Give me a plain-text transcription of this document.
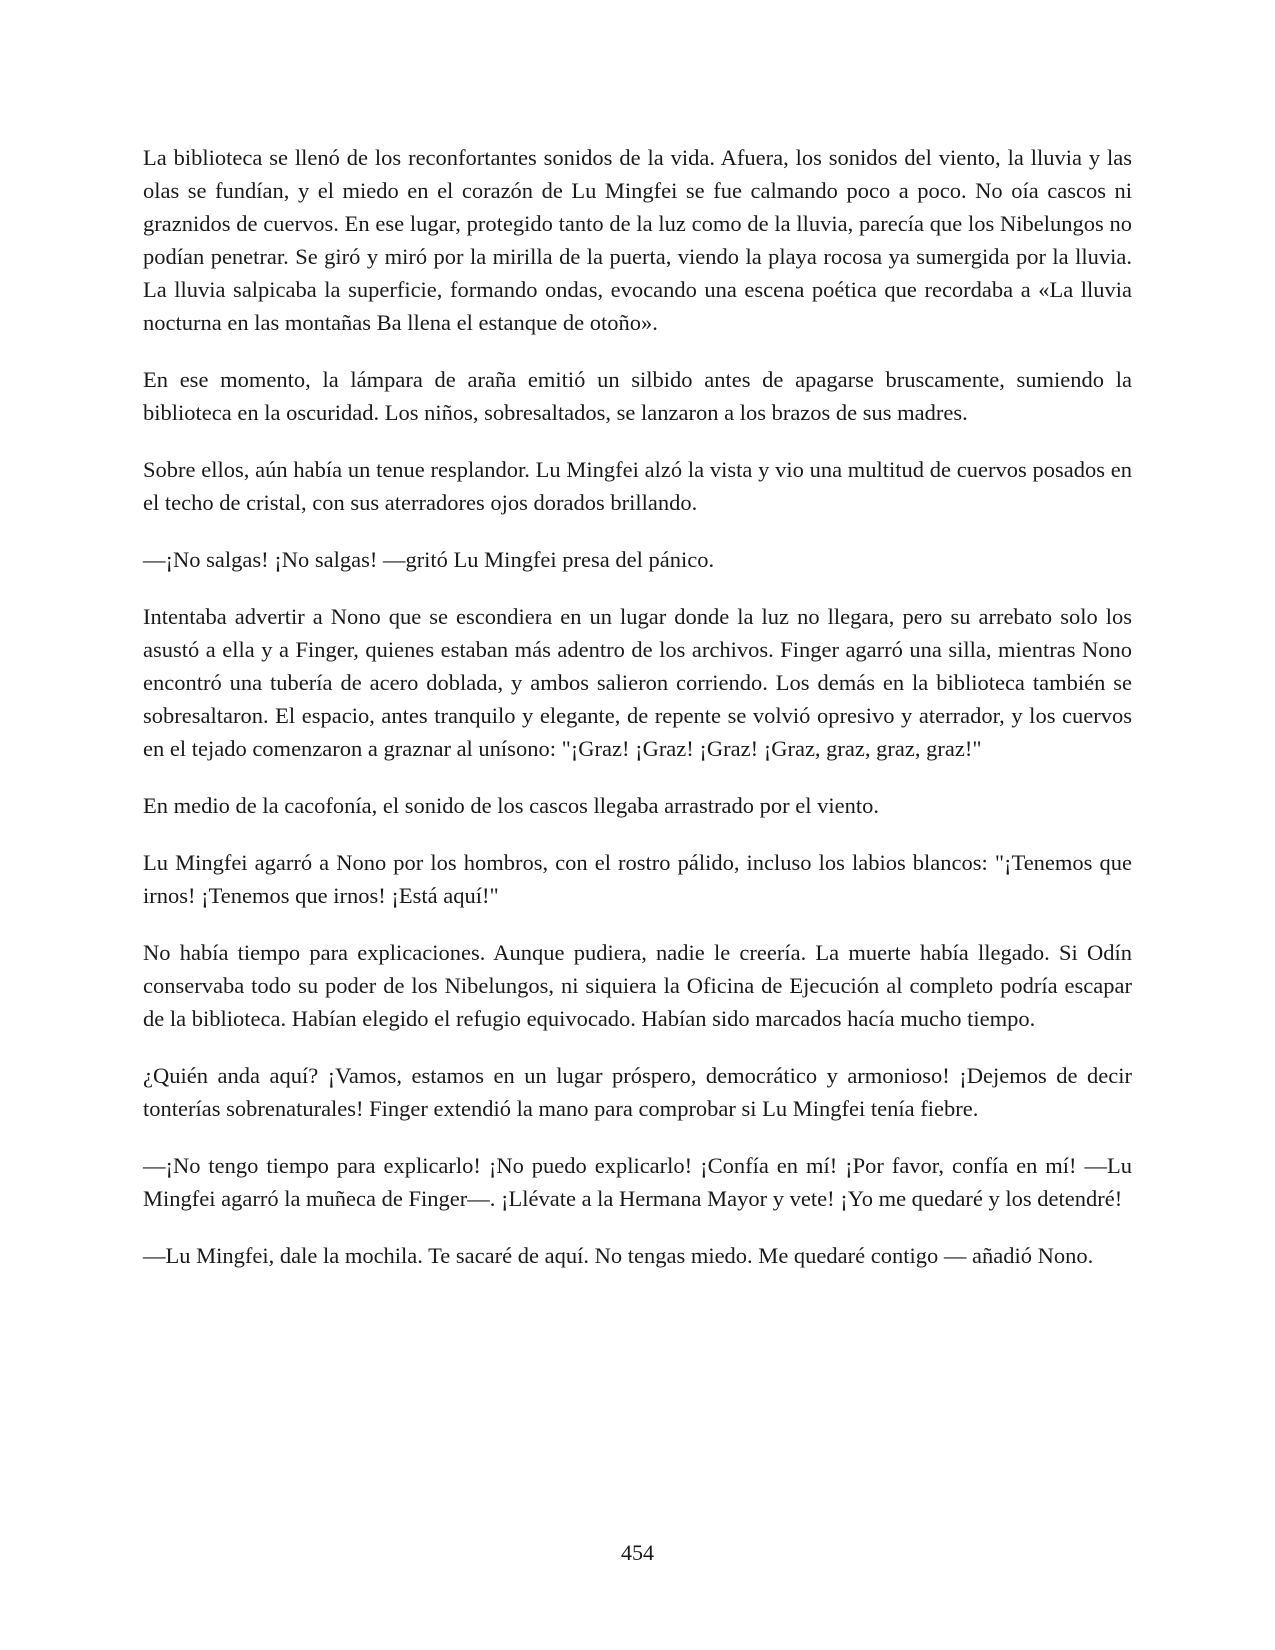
La biblioteca se llenó de los reconfortantes sonidos de la vida. Afuera, los sonidos del viento, la lluvia y las olas se fundían, y el miedo en el corazón de Lu Mingfei se fue calmando poco a poco. No oía cascos ni graznidos de cuervos. En ese lugar, protegido tanto de la luz como de la lluvia, parecía que los Nibelungos no podían penetrar. Se giró y miró por la mirilla de la puerta, viendo la playa rocosa ya sumergida por la lluvia. La lluvia salpicaba la superficie, formando ondas, evocando una escena poética que recordaba a «La lluvia nocturna en las montañas Ba llena el estanque de otoño».

En ese momento, la lámpara de araña emitió un silbido antes de apagarse bruscamente, sumiendo la biblioteca en la oscuridad. Los niños, sobresaltados, se lanzaron a los brazos de sus madres.

Sobre ellos, aún había un tenue resplandor. Lu Mingfei alzó la vista y vio una multitud de cuervos posados en el techo de cristal, con sus aterradores ojos dorados brillando.

—¡No salgas! ¡No salgas! —gritó Lu Mingfei presa del pánico.

Intentaba advertir a Nono que se escondiera en un lugar donde la luz no llegara, pero su arrebato solo los asustó a ella y a Finger, quienes estaban más adentro de los archivos. Finger agarró una silla, mientras Nono encontró una tubería de acero doblada, y ambos salieron corriendo. Los demás en la biblioteca también se sobresaltaron. El espacio, antes tranquilo y elegante, de repente se volvió opresivo y aterrador, y los cuervos en el tejado comenzaron a graznar al unísono: "¡Graz! ¡Graz! ¡Graz! ¡Graz, graz, graz, graz!"

En medio de la cacofonía, el sonido de los cascos llegaba arrastrado por el viento.

Lu Mingfei agarró a Nono por los hombros, con el rostro pálido, incluso los labios blancos: "¡Tenemos que irnos! ¡Tenemos que irnos! ¡Está aquí!"

No había tiempo para explicaciones. Aunque pudiera, nadie le creería. La muerte había llegado. Si Odín conservaba todo su poder de los Nibelungos, ni siquiera la Oficina de Ejecución al completo podría escapar de la biblioteca. Habían elegido el refugio equivocado. Habían sido marcados hacía mucho tiempo.

¿Quién anda aquí? ¡Vamos, estamos en un lugar próspero, democrático y armonioso! ¡Dejemos de decir tonterías sobrenaturales! Finger extendió la mano para comprobar si Lu Mingfei tenía fiebre.

—¡No tengo tiempo para explicarlo! ¡No puedo explicarlo! ¡Confía en mí! ¡Por favor, confía en mí! —Lu Mingfei agarró la muñeca de Finger—. ¡Llévate a la Hermana Mayor y vete! ¡Yo me quedaré y los detendré!

—Lu Mingfei, dale la mochila. Te sacaré de aquí. No tengas miedo. Me quedaré contigo — añadió Nono.

454
